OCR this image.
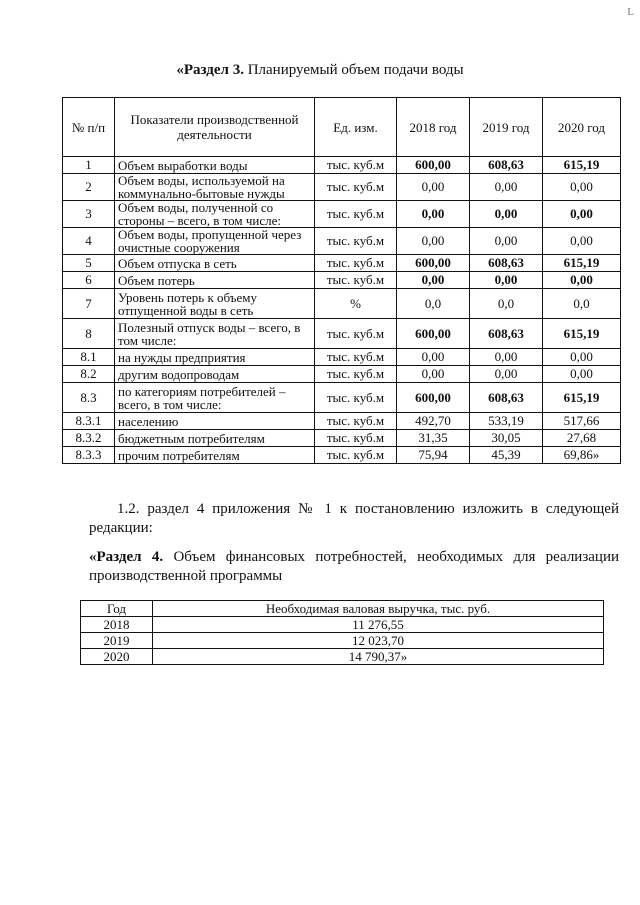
L
«Раздел 3. Планируемый объем подачи воды
№ п/п	Показатели производственной деятельности	Ед. изм.	2018 год	2019 год	2020 год
1	Объем выработки воды	тыс. куб.м	600,00	608,63	615,19
2	Объем воды, используемой на коммунально-бытовые нужды	тыс. куб.м	0,00	0,00	0,00
3	Объем воды, полученной со стороны – всего, в том числе:	тыс. куб.м	0,00	0,00	0,00
4	Объем воды, пропущенной через очистные сооружения	тыс. куб.м	0,00	0,00	0,00
5	Объем отпуска в сеть	тыс. куб.м	600,00	608,63	615,19
6	Объем потерь	тыс. куб.м	0,00	0,00	0,00
7	Уровень потерь к объему отпущенной воды в сеть	%	0,0	0,0	0,0
8	Полезный отпуск воды – всего, в том числе:	тыс. куб.м	600,00	608,63	615,19
8.1	на нужды предприятия	тыс. куб.м	0,00	0,00	0,00
8.2	другим водопроводам	тыс. куб.м	0,00	0,00	0,00
8.3	по категориям потребителей – всего, в том числе:	тыс. куб.м	600,00	608,63	615,19
8.3.1	населению	тыс. куб.м	492,70	533,19	517,66
8.3.2	бюджетным потребителям	тыс. куб.м	31,35	30,05	27,68
8.3.3	прочим потребителям	тыс. куб.м	75,94	45,39	69,86»
1.2. раздел 4 приложения № 1 к постановлению изложить в следующей редакции:
«Раздел 4. Объем финансовых потребностей, необходимых для реализации производственной программы
Год	Необходимая валовая выручка, тыс. руб.
2018	11 276,55
2019	12 023,70
2020	14 790,37»
